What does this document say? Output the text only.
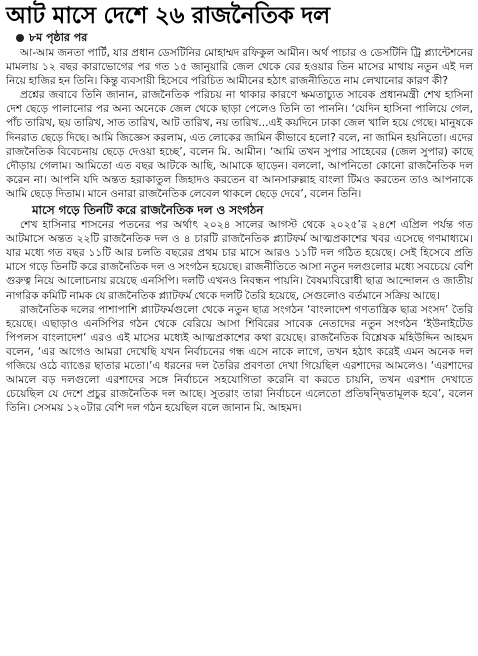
আট মাসে দেশে ২৬ রাজনৈতিক দল
৮ম পৃষ্ঠার পর

আ-আম জনতা পার্টি, যার প্রধান ডেসটিনির মোহাম্মদ রফিকুল আমীন। অর্থ পাচার ও ডেসটিনি ট্রি প্ল্যান্টেশনের মামলায় ১২ বছর কারাভোগের পর গত ১৫ জানুয়ারি জেল থেকে বের হওয়ার তিন মাসের মাথায় নতুন এই দল নিয়ে হাজির হন তিনি। কিন্তু ব্যবসায়ী হিসেবে পরিচিত আমীনের হঠাৎ রাজনীতিতে নাম লেখানোর কারণ কী?

প্রশ্নের জবাবে তিনি জানান, রাজনৈতিক পরিচয় না থাকার কারণে ক্ষমতাচ্যুত সাবেক প্রধানমন্ত্রী শেখ হাসিনা দেশ ছেড়ে পালানোর পর অন্য অনেকে জেল থেকে ছাড়া পেলেও তিনি তা পাননি। ‘যেদিন হাসিনা পালিয়ে গেল, পাঁচ তারিখ, ছয় তারিখ, সাত তারিখ, আট তারিখ, নয় তারিখ...এই কয়দিনে ঢাকা জেল খালি হয়ে গেছে। মানুষকে দিনরাত ছেড়ে দিছে। আমি জিজ্ঞেস করলাম, এত লোকের জামিন কীভাবে হলো? বলে, না জামিন হয়নিতো। এদের রাজনৈতিক বিবেচনায় ছেড়ে দেওয়া হচ্ছে’, বলেন মি. আমীন। ‘আমি তখন সুপার সাহেবের (জেল সুপার) কাছে দৌড়ায় গেলাম। আমিতো এত বছর আটকে আছি, আমাকে ছাড়েন। বললো, আপনিতো কোনো রাজনৈতিক দল করেন না। আপনি যদি অন্তত হরাকাতুল জিহাদও করতেন বা আনসারুল্লাহ বাংলা টিমও করতেন তাও আপনাকে আমি ছেড়ে দিতাম। মানে ওনারা রাজনৈতিক লেবেল থাকলে ছেড়ে দেবে’, বলেন তিনি।

মাসে গড়ে তিনটি করে রাজনৈতিক দল ও সংগঠন

শেখ হাসিনার শাসনের পতনের পর অর্থাৎ ২০২৪ সালের আগস্ট থেকে ২০২৫’র ২৪শে এপ্রিল পর্যন্ত গত আটমাসে অন্তত ২২টি রাজনৈতিক দল ও ৪ চারটি রাজনৈতিক প্ল্যাটফর্ম আত্মপ্রকাশের খবর এসেছে গণমাধ্যমে। যার মধ্যে গত বছর ১১টি আর চলতি বছরের প্রথম চার মাসে আরও ১১টি দল গঠিত হয়েছে। সেই হিসেবে প্রতি মাসে গড়ে তিনটি করে রাজনৈতিক দল ও সংগঠন হয়েছে। রাজনীতিতে আসা নতুন দলগুলোর মধ্যে সবচেয়ে বেশি গুরুত্ব নিয়ে আলোচনায় রয়েছে এনসিপি। দলটি এখনও নিবন্ধন পায়নি। বৈষম্যবিরোধী ছাত্র আন্দোলন ও জাতীয় নাগরিক কমিটি নামক যে রাজনৈতিক প্ল্যাটফর্ম থেকে দলটি তৈরি হয়েছে, সেগুলোও বর্তমানে সক্রিয় আছে।

রাজনৈতিক দলের পাশাপাশি প্ল্যাটফর্মগুলো থেকে নতুন ছাত্র সংগঠন ‘বাংলাদেশ গণতান্ত্রিক ছাত্র সংসদ’ তৈরি হয়েছে। এছাড়াও এনসিপির গঠন থেকে বেরিয়ে আসা শিবিরের সাবেক নেতাদের নতুন সংগঠন ‘ইউনাইটেড পিপলস বাংলাদেশ’ এরও এই মাসের মধ্যেই আত্মপ্রকাশের কথা রয়েছে। রাজনৈতিক বিশ্লেষক মহিউদ্দিন আহমদ বলেন, ‘এর আগেও আমরা দেখেছি যখন নির্বাচনের গন্ধ এসে নাকে লাগে, তখন হঠাৎ করেই এমন অনেক দল গজিয়ে ওঠে ব্যাঙের ছাতার মতো।’এ ধরনের দল তৈরির প্রবণতা দেখা গিয়েছিল এরশাদের আমলেও। ‘এরশাদের আমলে বড় দলগুলো এরশাদের সঙ্গে নির্বাচনে সহযোগিতা করেনি বা করতে চায়নি, তখন এরশাদ দেখাতে চেয়েছিল যে দেশে প্রচুর রাজনৈতিক দল আছে। সুতরাং তারা নির্বাচনে এলেতো প্রতিদ্বন্দ্বিতামূলক হবে’, বলেন তিনি। সেসময় ১২০টার বেশি দল গঠন হয়েছিল বলে জানান মি. আহমদ।
